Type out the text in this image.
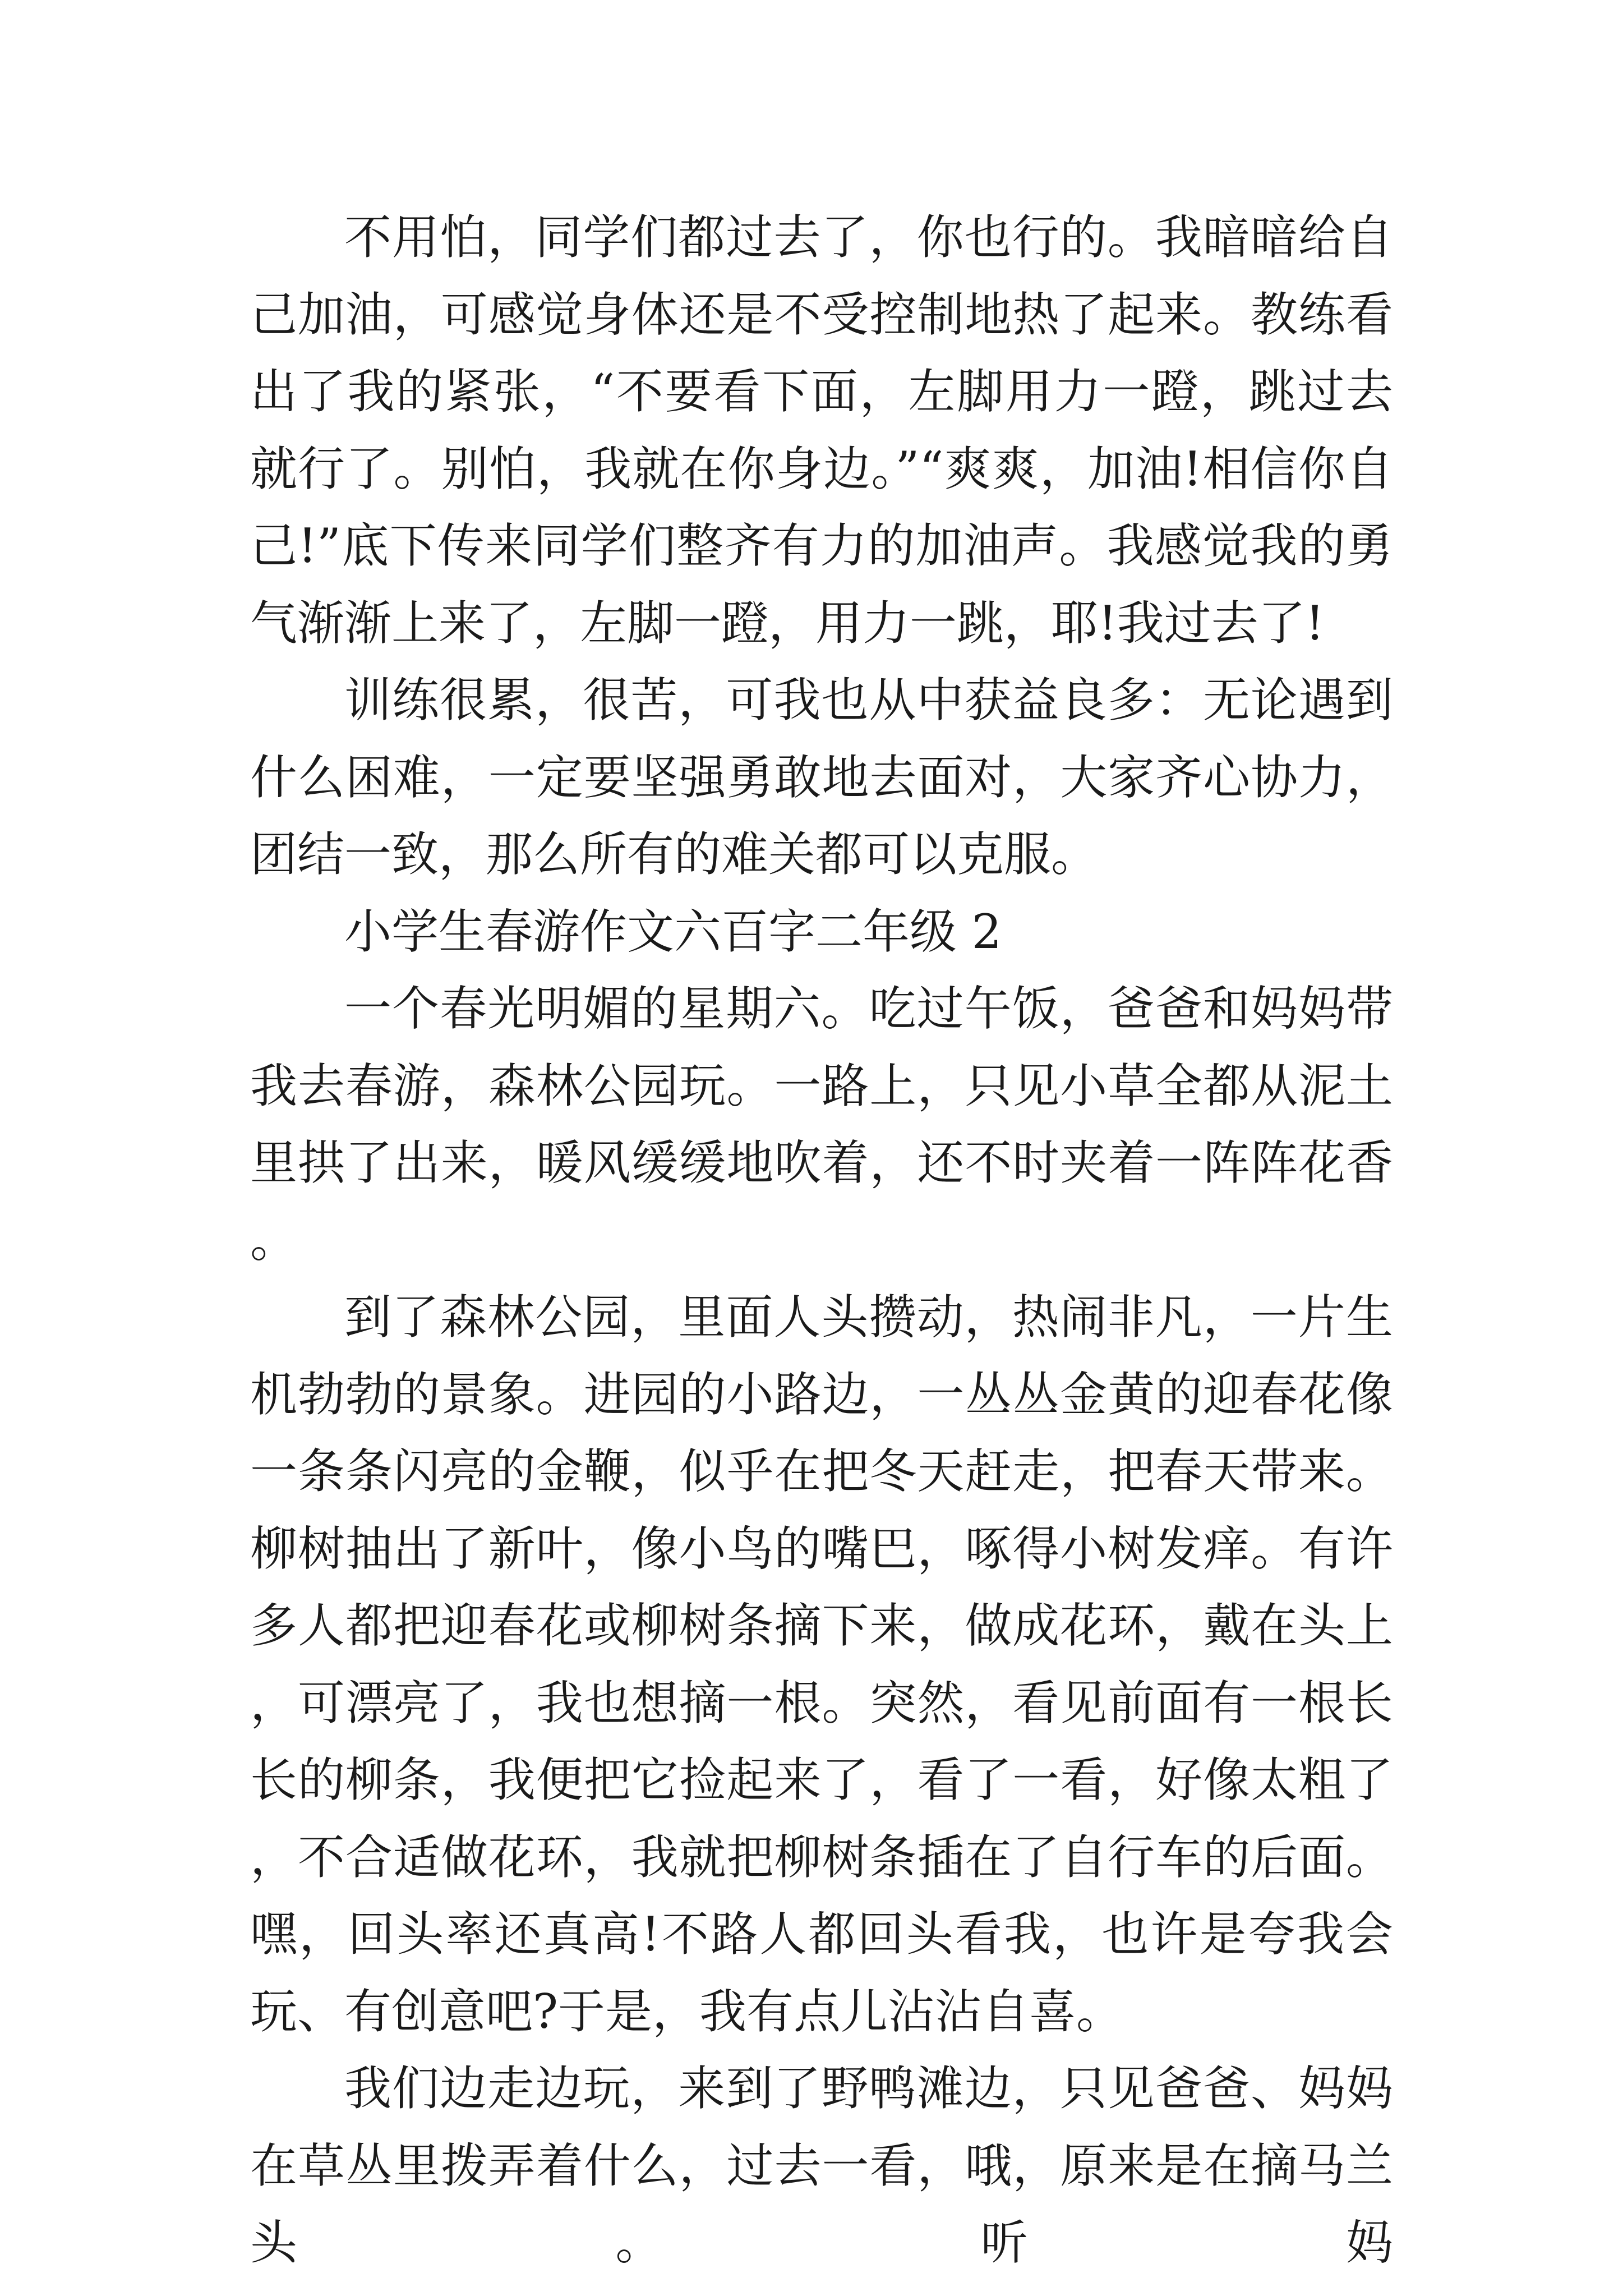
不用怕，同学们都过去了，你也行的。我暗暗给自己加油，可感觉身体还是不受控制地热了起来。教练看出了我的紧张，“不要看下面，左脚用力一蹬，跳过去就行了。别怕，我就在你身边。”“爽爽，加油!相信你自己!”底下传来同学们整齐有力的加油声。我感觉我的勇气渐渐上来了，左脚一蹬，用力一跳，耶!我过去了!

训练很累，很苦，可我也从中获益良多：无论遇到什么困难，一定要坚强勇敢地去面对，大家齐心协力，团结一致，那么所有的难关都可以克服。

小学生春游作文六百字二年级 2

一个春光明媚的星期六。吃过午饭，爸爸和妈妈带我去春游，森林公园玩。一路上，只见小草全都从泥土里拱了出来，暖风缓缓地吹着，还不时夹着一阵阵花香。

到了森林公园，里面人头攒动，热闹非凡，一片生机勃勃的景象。进园的小路边，一丛丛金黄的迎春花像一条条闪亮的金鞭，似乎在把冬天赶走，把春天带来。柳树抽出了新叶，像小鸟的嘴巴，啄得小树发痒。有许多人都把迎春花或柳树条摘下来，做成花环，戴在头上，可漂亮了，我也想摘一根。突然，看见前面有一根长长的柳条，我便把它捡起来了，看了一看，好像太粗了，不合适做花环，我就把柳树条插在了自行车的后面。嘿，回头率还真高!不路人都回头看我，也许是夸我会玩、有创意吧?于是，我有点儿沾沾自喜。

我们边走边玩，来到了野鸭滩边，只见爸爸、妈妈在草丛里拨弄着什么，过去一看，哦，原来是在摘马兰头。听妈
